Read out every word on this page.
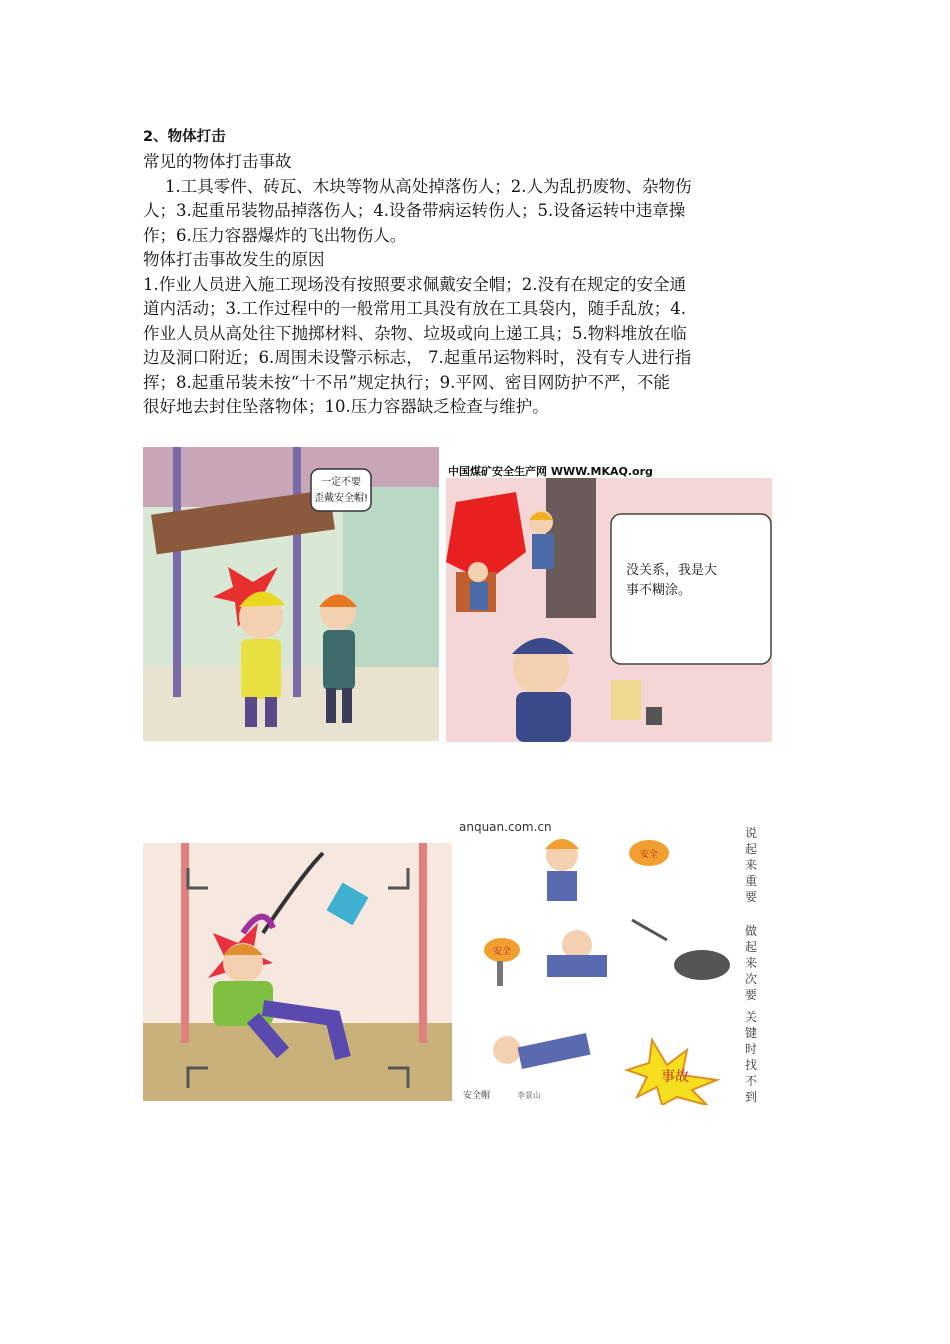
2、物体打击

常见的物体打击事故

1.工具零件、砖瓦、木块等物从高处掉落伤人；2.人为乱扔废物、杂物伤

人；3.起重吊装物品掉落伤人；4.设备带病运转伤人；5.设备运转中违章操

作；6.压力容器爆炸的飞出物伤人。

物体打击事故发生的原因

1.作业人员进入施工现场没有按照要求佩戴安全帽；2.没有在规定的安全通

道内活动；3.工作过程中的一般常用工具没有放在工具袋内，随手乱放；4.

作业人员从高处往下抛掷材料、杂物、垃圾或向上递工具；5.物料堆放在临

边及洞口附近；6.周围未设警示标志， 7.起重吊运物料时，没有专人进行指

挥；8.起重吊装未按“十不吊”规定执行；9.平网、密目网防护不严，不能

很好地去封住坠落物体；10.压力容器缺乏检查与维护。

一定不要
歪戴安全帽!
中国煤矿安全生产网 WWW.MKAQ.org
没关系，我是大
事不糊涂。
anquan.com.cn	说
起
来
重
要
做
起
来
次
要
关
键
时
找
不
到
安全
安全
事故
安全帽	李景山
